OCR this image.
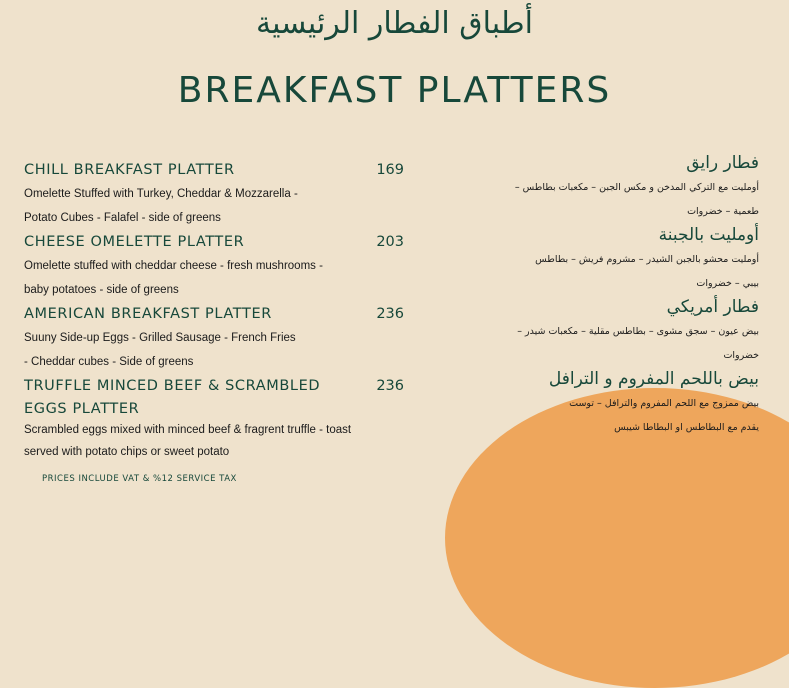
أطباق الفطار الرئيسية
BREAKFAST PLATTERS
CHILL BREAKFAST PLATTER	169
Omelette Stuffed with Turkey, Cheddar & Mozzarella -
Potato Cubes - Falafel - side of greens
CHEESE OMELETTE PLATTER	203
Omelette stuffed with cheddar cheese - fresh mushrooms -
baby potatoes - side of greens
AMERICAN BREAKFAST PLATTER	236
Suuny Side-up Eggs - Grilled Sausage - French Fries
- Cheddar cubes - Side of greens
TRUFFLE MINCED BEEF & SCRAMBLED
EGGS PLATTER
236
Scrambled eggs mixed with minced beef & fragrent truffle - toast
served with potato chips or sweet potato
فطار رايق
أومليت مع التركي المدخن و مكس الجبن – مكعبات بطاطس –
طعمية – خضروات
أومليت بالجبنة
أومليت محشو بالجبن الشيدر – مشروم فريش – بطاطس
بيبي – خضروات
فطار أمريكي
بيض عيون – سجق مشوى – بطاطس مقلية – مكعبات شيدر –
خضروات
بيض باللحم المفروم و الترافل
بيض ممزوج مع اللحم المفروم والترافل – توست
يقدم مع البطاطس او البطاطا شيبس
PRICES INCLUDE VAT & %12 SERVICE TAX
